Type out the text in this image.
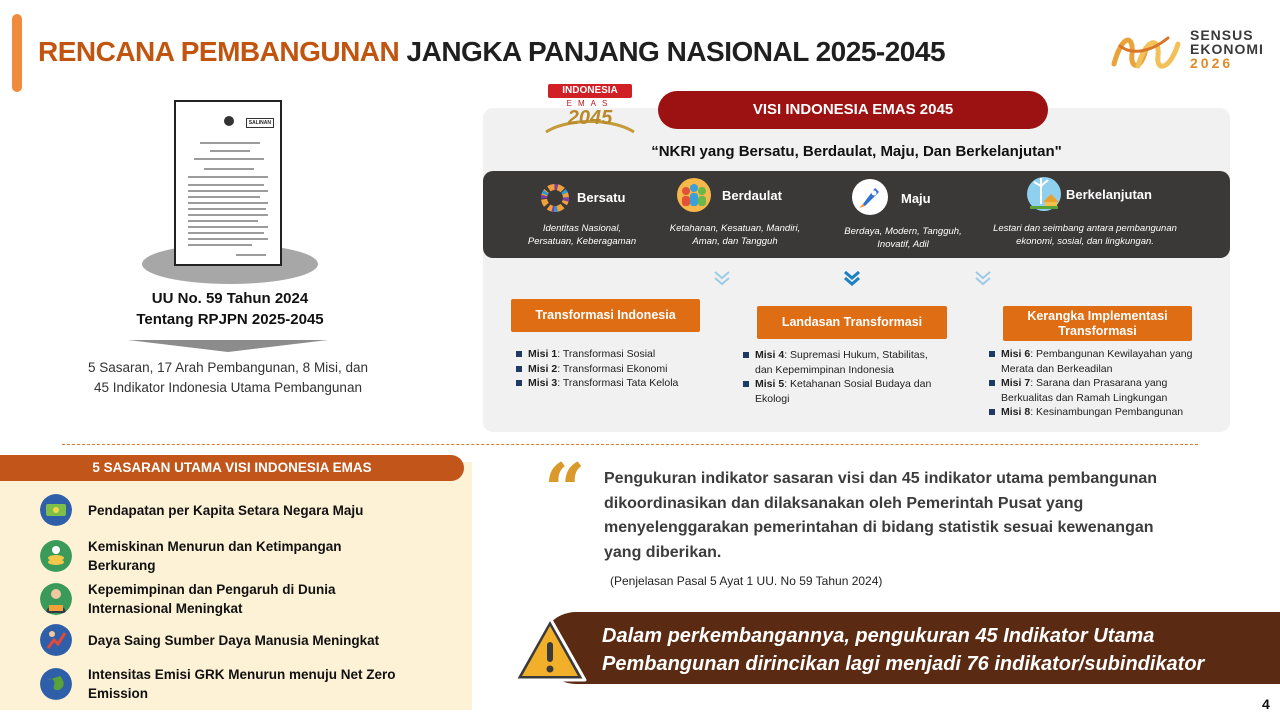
RENCANA PEMBANGUNAN JANGKA PANJANG NASIONAL 2025-2045
SENSUS
EKONOMI
2026
SALINAN
UU No. 59 Tahun 2024
Tentang RPJPN 2025-2045
5 Sasaran, 17 Arah Pembangunan, 8 Misi, dan
45 Indikator Indonesia Utama Pembangunan
INDONESIA
EMAS
2045	VISI INDONESIA EMAS 2045
“NKRI yang Bersatu, Berdaulat, Maju, Dan Berkelanjutan"
Bersatu
Identitas Nasional,
Persatuan, Keberagaman
Berdaulat
Ketahanan, Kesatuan, Mandiri,
Aman, dan Tangguh
Maju
Berdaya, Modern, Tangguh,
Inovatif, Adil
Berkelanjutan
Lestari dan seimbang antara pembangunan
ekonomi, sosial, dan lingkungan.
Transformasi Indonesia	Landasan Transformasi	Kerangka Implementasi Transformasi
Misi 1: Transformasi Sosial
Misi 2: Transformasi Ekonomi
Misi 3: Transformasi Tata Kelola
Misi 4: Supremasi Hukum, Stabilitas, dan Kepemimpinan Indonesia
Misi 5: Ketahanan Sosial Budaya dan Ekologi
Misi 6: Pembangunan Kewilayahan yang Merata dan Berkeadilan
Misi 7: Sarana dan Prasarana yang Berkualitas dan Ramah Lingkungan
Misi 8: Kesinambungan Pembangunan
5 SASARAN UTAMA VISI INDONESIA EMAS
Pendapatan per Kapita Setara Negara Maju
Kemiskinan Menurun dan Ketimpangan Berkurang
Kepemimpinan dan Pengaruh di Dunia Internasional Meningkat
Daya Saing Sumber Daya Manusia Meningkat
Intensitas Emisi GRK Menurun menuju Net Zero Emission
“ Pengukuran indikator sasaran visi dan 45 indikator utama pembangunan dikoordinasikan dan dilaksanakan oleh Pemerintah Pusat yang menyelenggarakan pemerintahan di bidang statistik sesuai kewenangan yang diberikan.
(Penjelasan Pasal 5 Ayat 1 UU. No 59 Tahun 2024)
Dalam perkembangannya, pengukuran 45 Indikator Utama
Pembangunan dirincikan lagi menjadi 76 indikator/subindikator
4
